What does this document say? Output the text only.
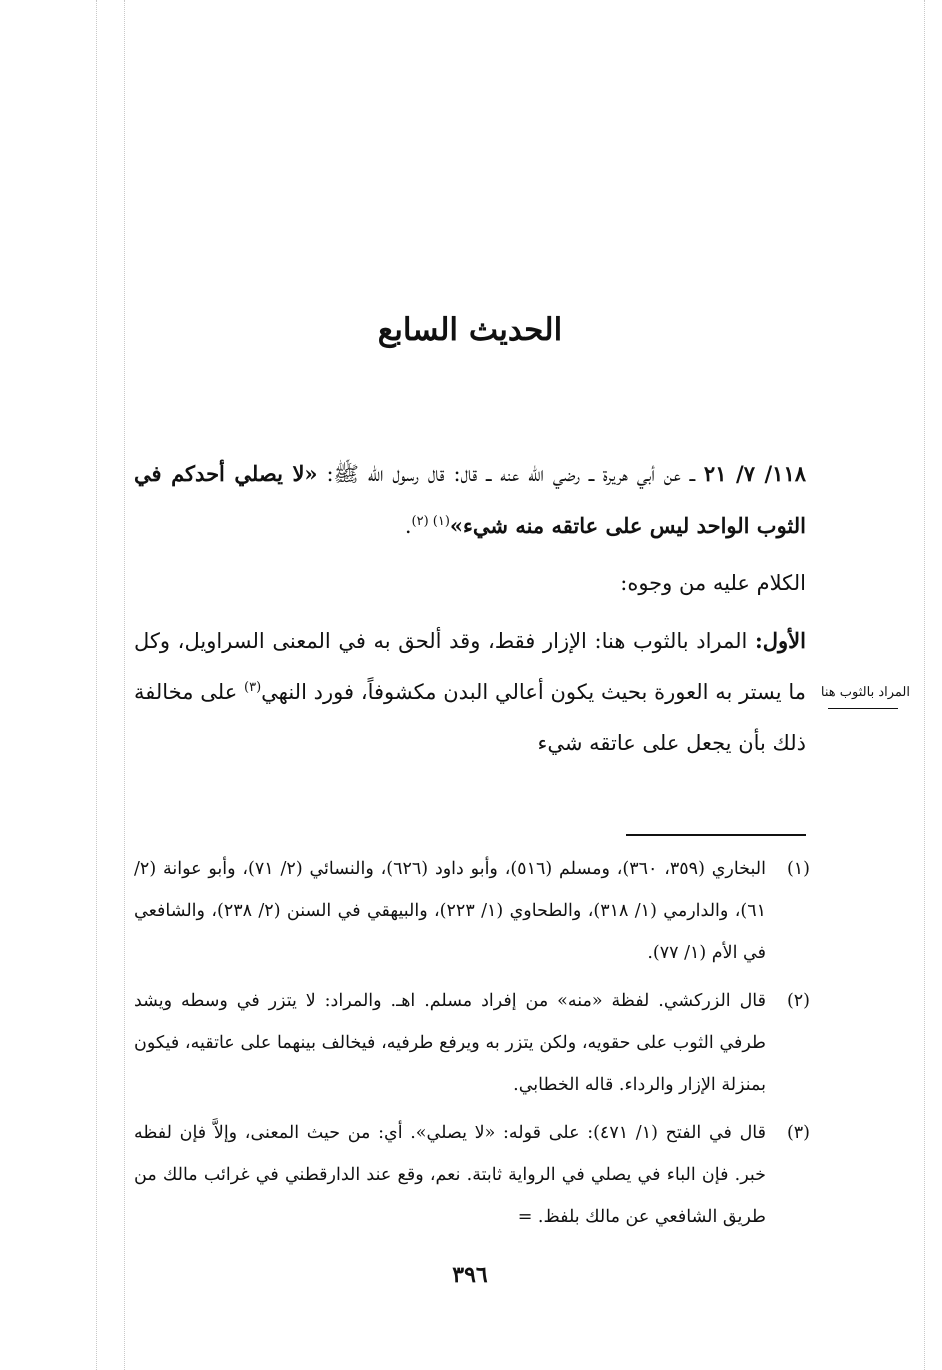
الحديث السابع

١١٨/ ٧/ ٢١ ــ عن أبي هريرة ــ رضي الله عنه ــ قال: قال رسول الله ﷺ: «لا يصلي أحدكم في الثوب الواحد ليس على عاتقه منه شيء»$^{(١) (٢)}$.

الكلام عليه من وجوه:

الأول: المراد بالثوب هنا: الإزار فقط، وقد ألحق به في المعنى السراويل، وكل ما يستر به العورة بحيث يكون أعالي البدن مكشوفاً، فورد النهي$^{(٣)}$ على مخالفة ذلك بأن يجعل على عاتقه شيء

المراد بالثوب هنا
(١)
البخاري (٣٥٩، ٣٦٠)، ومسلم (٥١٦)، وأبو داود (٦٢٦)، والنسائي (٢/ ٧١)، وأبو عوانة (٢/ ٦١)، والدارمي (١/ ٣١٨)، والطحاوي (١/ ٢٢٣)، والبيهقي في السنن (٢/ ٢٣٨)، والشافعي في الأم (١/ ٧٧).
(٢)
قال الزركشي. لفظة «منه» من إفراد مسلم. اهـ. والمراد: لا يتزر في وسطه ويشد طرفي الثوب على حقويه، ولكن يتزر به ويرفع طرفيه، فيخالف بينهما على عاتقيه، فيكون بمنزلة الإزار والرداء. قاله الخطابي.
(٣)
قال في الفتح (١/ ٤٧١): على قوله: «لا يصلي». أي: من حيث المعنى، وإلاَّ فإن لفظه خبر. فإن الباء في يصلي في الرواية ثابتة. نعم، وقع عند الدارقطني في غرائب مالك من طريق الشافعي عن مالك بلفظ. =
٣٩٦
